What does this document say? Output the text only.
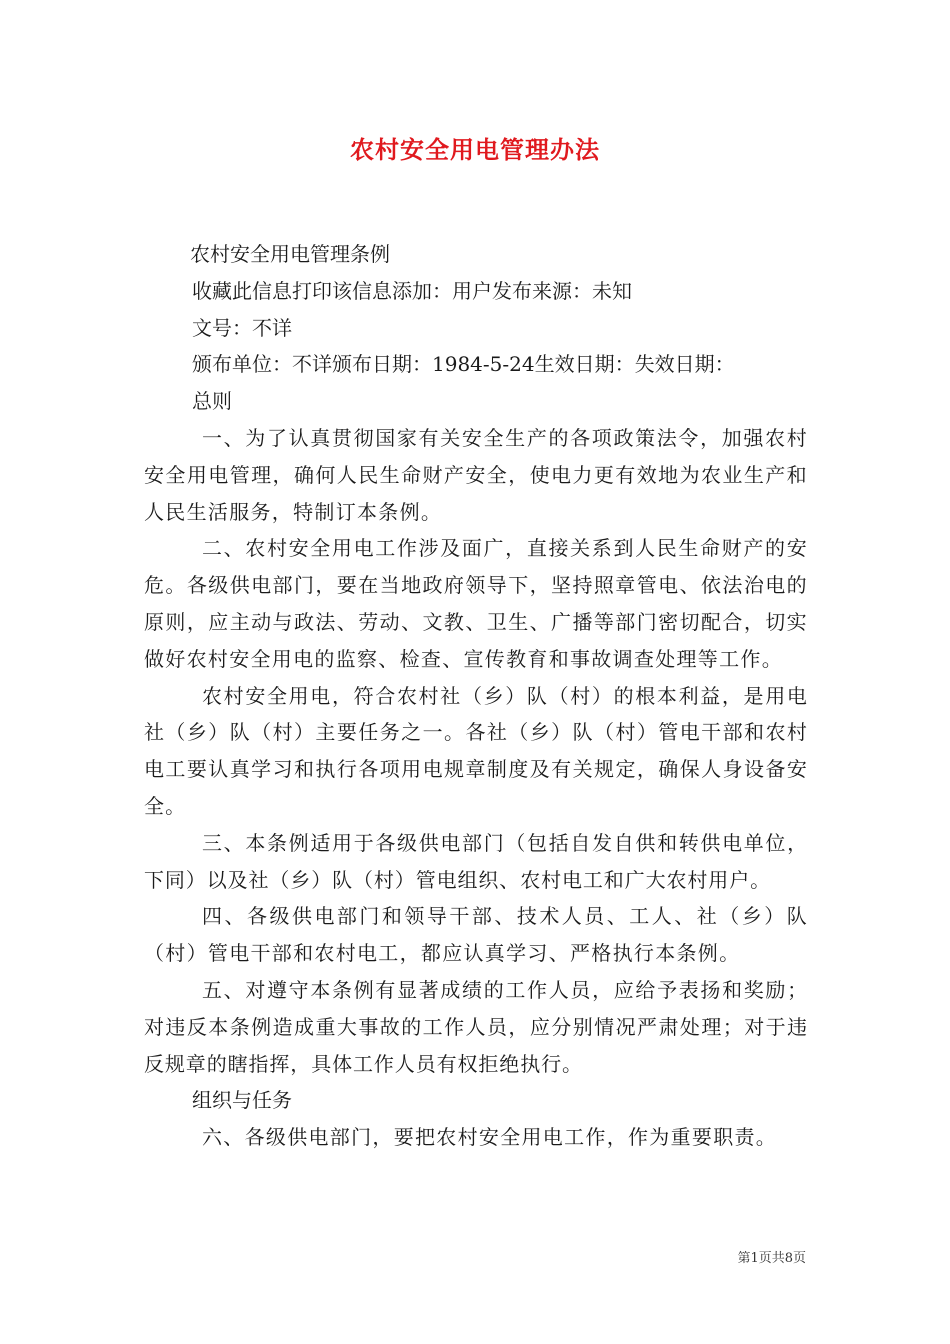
农村安全用电管理办法

农村安全用电管理条例

收藏此信息打印该信息添加：用户发布来源：未知

文号：不详

颁布单位：不详颁布日期：1984-5-24生效日期：失效日期：

总则

一、为了认真贯彻国家有关安全生产的各项政策法令，加强农村安全用电管理，确何人民生命财产安全，使电力更有效地为农业生产和人民生活服务，特制订本条例。

二、农村安全用电工作涉及面广，直接关系到人民生命财产的安危。各级供电部门，要在当地政府领导下，坚持照章管电、依法治电的原则，应主动与政法、劳动、文教、卫生、广播等部门密切配合，切实做好农村安全用电的监察、检查、宣传教育和事故调查处理等工作。

农村安全用电，符合农村社（乡）队（村）的根本利益，是用电社（乡）队（村）主要任务之一。各社（乡）队（村）管电干部和农村电工要认真学习和执行各项用电规章制度及有关规定，确保人身设备安全。

三、本条例适用于各级供电部门（包括自发自供和转供电单位，下同）以及社（乡）队（村）管电组织、农村电工和广大农村用户。

四、各级供电部门和领导干部、技术人员、工人、社（乡）队（村）管电干部和农村电工，都应认真学习、严格执行本条例。

五、对遵守本条例有显著成绩的工作人员，应给予表扬和奖励；对违反本条例造成重大事故的工作人员，应分别情况严肃处理；对于违反规章的瞎指挥，具体工作人员有权拒绝执行。

组织与任务

六、各级供电部门，要把农村安全用电工作，作为重要职责。

第1页共8页
